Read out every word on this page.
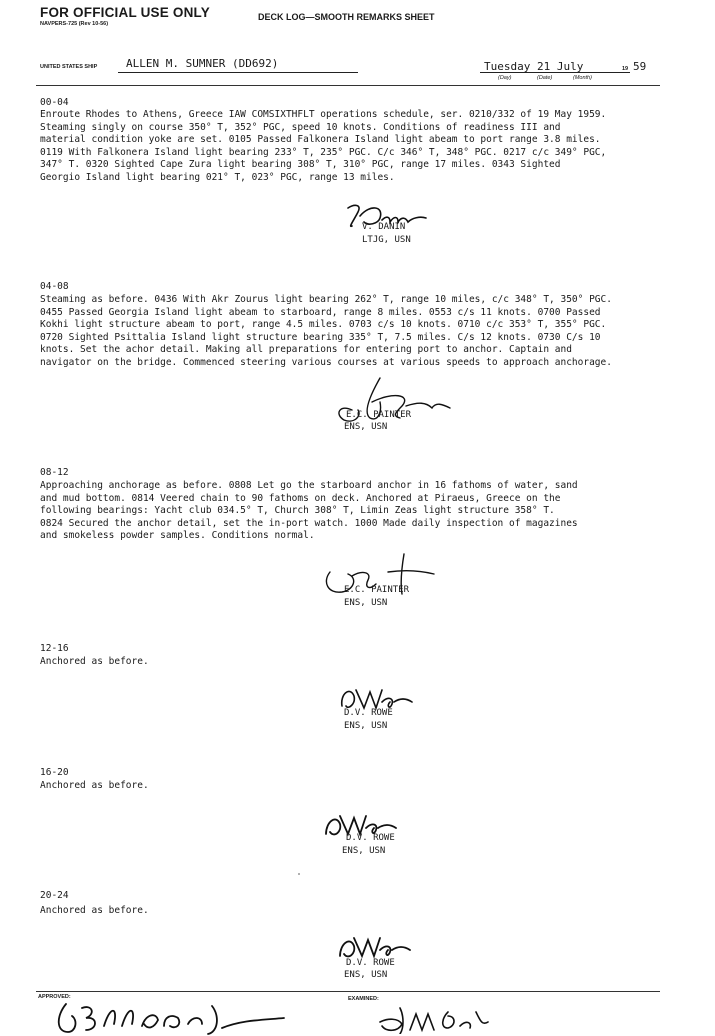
FOR OFFICIAL USE ONLY
NAVPERS-725 (Rev 10-56)
DECK LOG—SMOOTH REMARKS SHEET
UNITED STATES SHIP	ALLEN M. SUMNER (DD692)	Tuesday 21 July	19 59
(Day)	(Date)	(Month)
00-04
Enroute Rhodes to Athens, Greece IAW COMSIXTHFLT operations schedule, ser. 0210/332 of 19 May 1959.
Steaming singly on course 350° T, 352° PGC, speed 10 knots. Conditions of readiness III and
material condition yoke are set. 0105 Passed Falkonera Island light abeam to port range 3.8 miles.
0119 With Falkonera Island light bearing 233° T, 235° PGC. C/c 346° T, 348° PGC. 0217 c/c 349° PGC,
347° T. 0320 Sighted Cape Zura light bearing 308° T, 310° PGC, range 17 miles. 0343 Sighted
Georgio Island light bearing 021° T, 023° PGC, range 13 miles.
V. DANIN
LTJG, USN
04-08
Steaming as before. 0436 With Akr Zourus light bearing 262° T, range 10 miles, c/c 348° T, 350° PGC.
0455 Passed Georgia Island light abeam to starboard, range 8 miles. 0553 c/s 11 knots. 0700 Passed
Kokhi light structure abeam to port, range 4.5 miles. 0703 c/s 10 knots. 0710 c/c 353° T, 355° PGC.
0720 Sighted Psittalia Island light structure bearing 335° T, 7.5 miles. C/s 12 knots. 0730 C/s 10
knots. Set the achor detail. Making all preparations for entering port to anchor. Captain and
navigator on the bridge. Commenced steering various courses at various speeds to approach anchorage.
E.C. PAINTER
ENS, USN
08-12
Approaching anchorage as before. 0808 Let go the starboard anchor in 16 fathoms of water, sand
and mud bottom. 0814 Veered chain to 90 fathoms on deck. Anchored at Piraeus, Greece on the
following bearings: Yacht club 034.5° T, Church 308° T, Limin Zeas light structure 358° T.
0824 Secured the anchor detail, set the in-port watch. 1000 Made daily inspection of magazines
and smokeless powder samples. Conditions normal.
E.C. PAINTER
ENS, USN
12-16
Anchored as before.
D.V. ROWE
ENS, USN
16-20
Anchored as before.
D.V. ROWE
ENS, USN
20-24
Anchored as before.
D.V. ROWE
ENS, USN
APPROVED:	EXAMINED:
